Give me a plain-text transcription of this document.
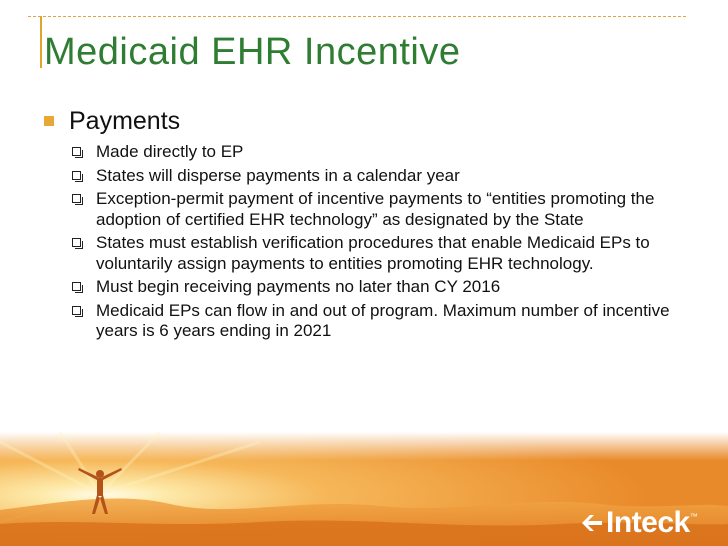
Medicaid EHR Incentive
Payments
Made directly to EP
States will disperse payments in a calendar year
Exception-permit payment of incentive payments to “entities promoting the adoption of certified EHR technology” as designated by the State
States must establish verification procedures that enable Medicaid EPs to voluntarily assign payments to entities promoting EHR technology.
Must begin receiving payments no later than CY 2016
Medicaid EPs can flow in and out of program. Maximum number of incentive years is 6 years ending in 2021
Inteck ™
